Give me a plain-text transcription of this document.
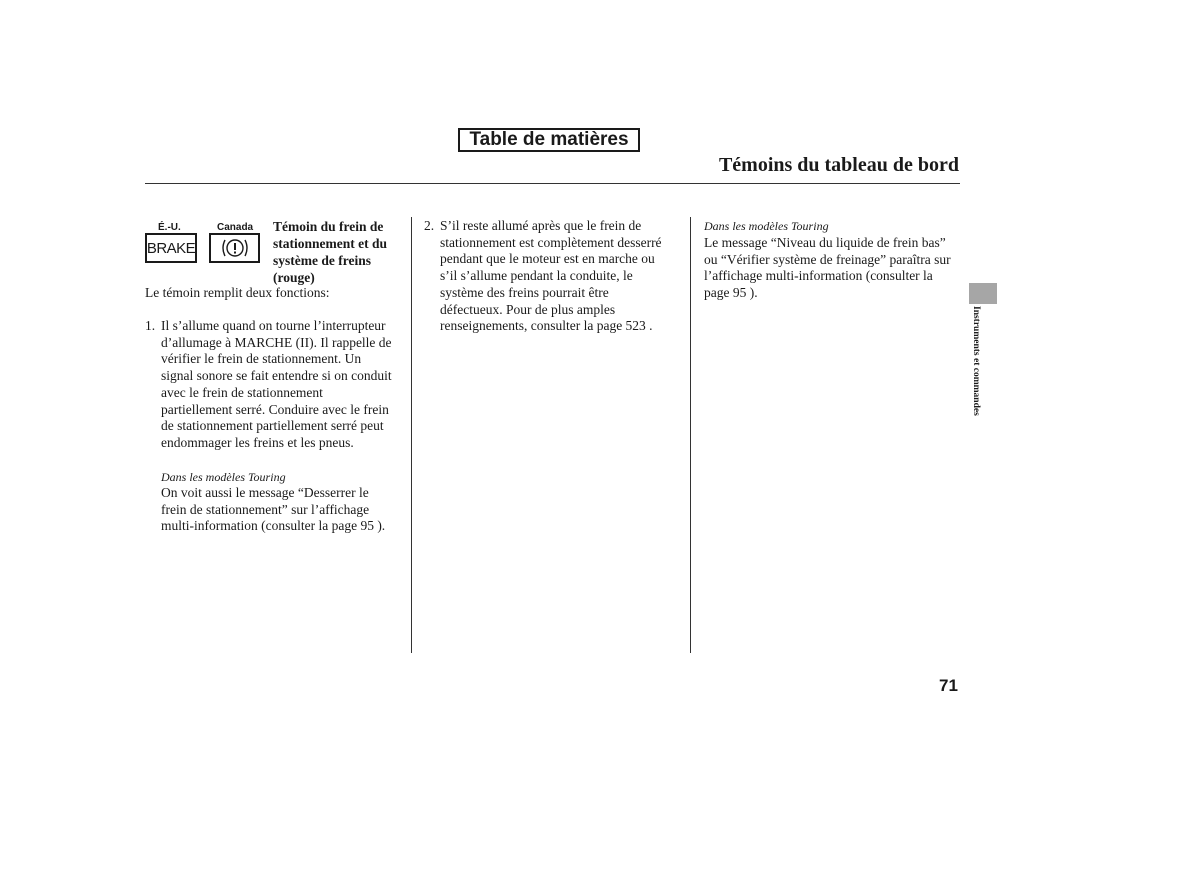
Table de matières
Témoins du tableau de bord
É.-U.	Canada
BRAKE
Témoin du frein de
stationnement et du
système de freins
(rouge)
Le témoin remplit deux fonctions:
1. Il s’allume quand on tourne l’interrupteur
d’allumage à MARCHE (II). Il rappelle de
vérifier le frein de stationnement. Un
signal sonore se fait entendre si on conduit
avec le frein de stationnement
partiellement serré. Conduire avec le frein
de stationnement partiellement serré peut
endommager les freins et les pneus.
Dans les modèles Touring
On voit aussi le message “Desserrer le
frein de stationnement” sur l’affichage
multi-information (consulter la page 95 ).
2. S’il reste allumé après que le frein de
stationnement est complètement desserré
pendant que le moteur est en marche ou
s’il s’allume pendant la conduite, le
système des freins pourrait être
défectueux. Pour de plus amples
renseignements, consulter la page 523 .
Dans les modèles Touring
Le message “Niveau du liquide de frein bas”
ou “Vérifier système de freinage” paraîtra sur
l’affichage multi-information (consulter la
page 95 ).
Instruments et commandes
71
